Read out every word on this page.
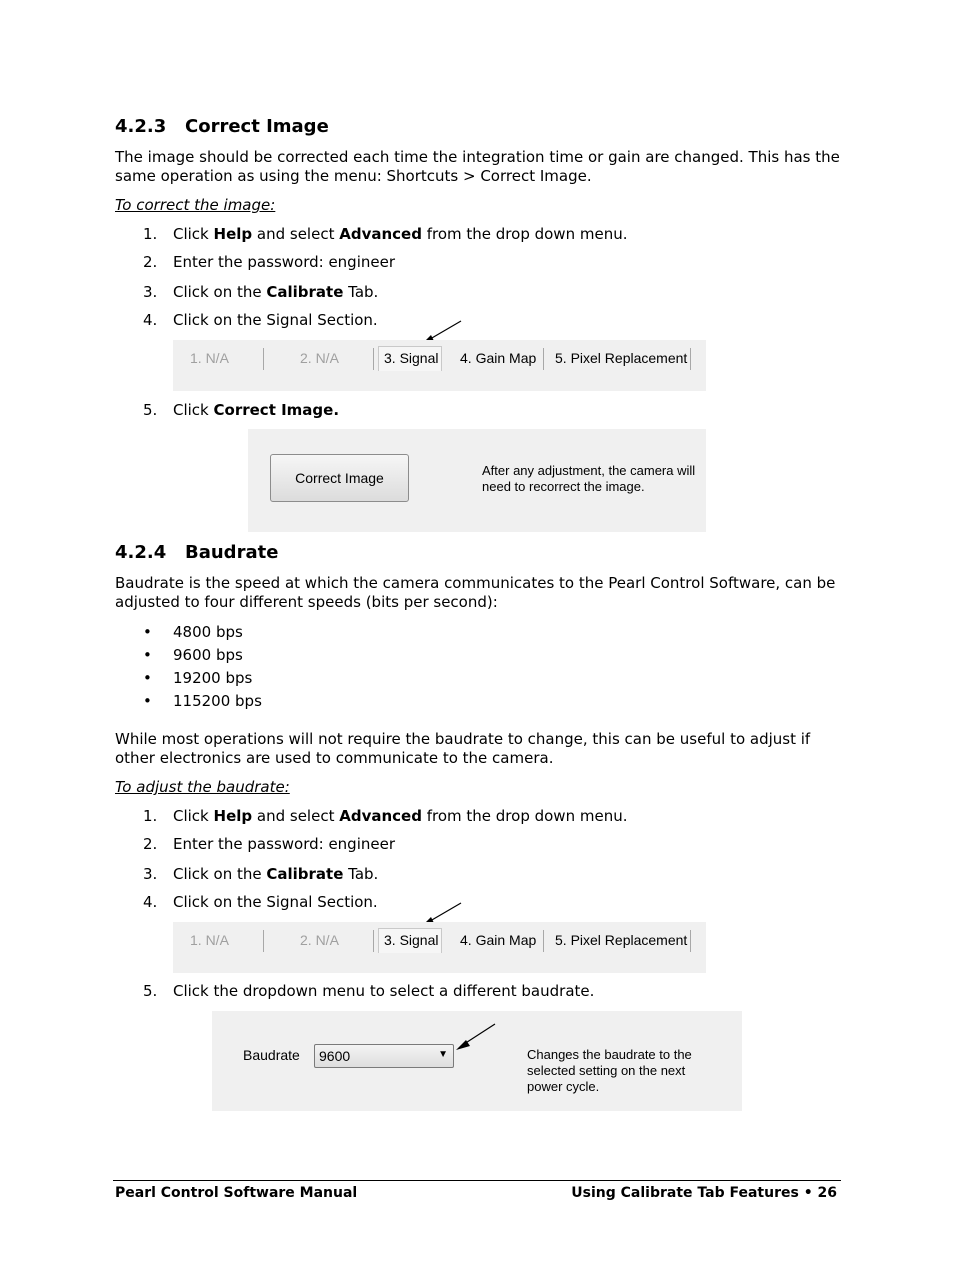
4.2.3 Correct Image
The image should be corrected each time the integration time or gain are changed. This has the same operation as using the menu: Shortcuts > Correct Image.
To correct the image:
1. Click Help and select Advanced from the drop down menu.
2. Enter the password: engineer
3. Click on the Calibrate Tab.
4. Click on the Signal Section.
1. N/A	2. N/A	3. Signal 4. Gain Map 5. Pixel Replacement
5. Click Correct Image.
Correct Image	After any adjustment, the camera will need to recorrect the image.
4.2.4 Baudrate
Baudrate is the speed at which the camera communicates to the Pearl Control Software, can be adjusted to four different speeds (bits per second):
• 4800 bps
• 9600 bps
• 19200 bps
• 115200 bps
While most operations will not require the baudrate to change, this can be useful to adjust if other electronics are used to communicate to the camera.
To adjust the baudrate:
1. Click Help and select Advanced from the drop down menu.
2. Enter the password: engineer
3. Click on the Calibrate Tab.
4. Click on the Signal Section.
1. N/A	2. N/A	3. Signal 4. Gain Map 5. Pixel Replacement
5. Click the dropdown menu to select a different baudrate.
Baudrate 9600	▼	Changes the baudrate to the selected setting on the next power cycle.
Pearl Control Software Manual	Using Calibrate Tab Features • 26
